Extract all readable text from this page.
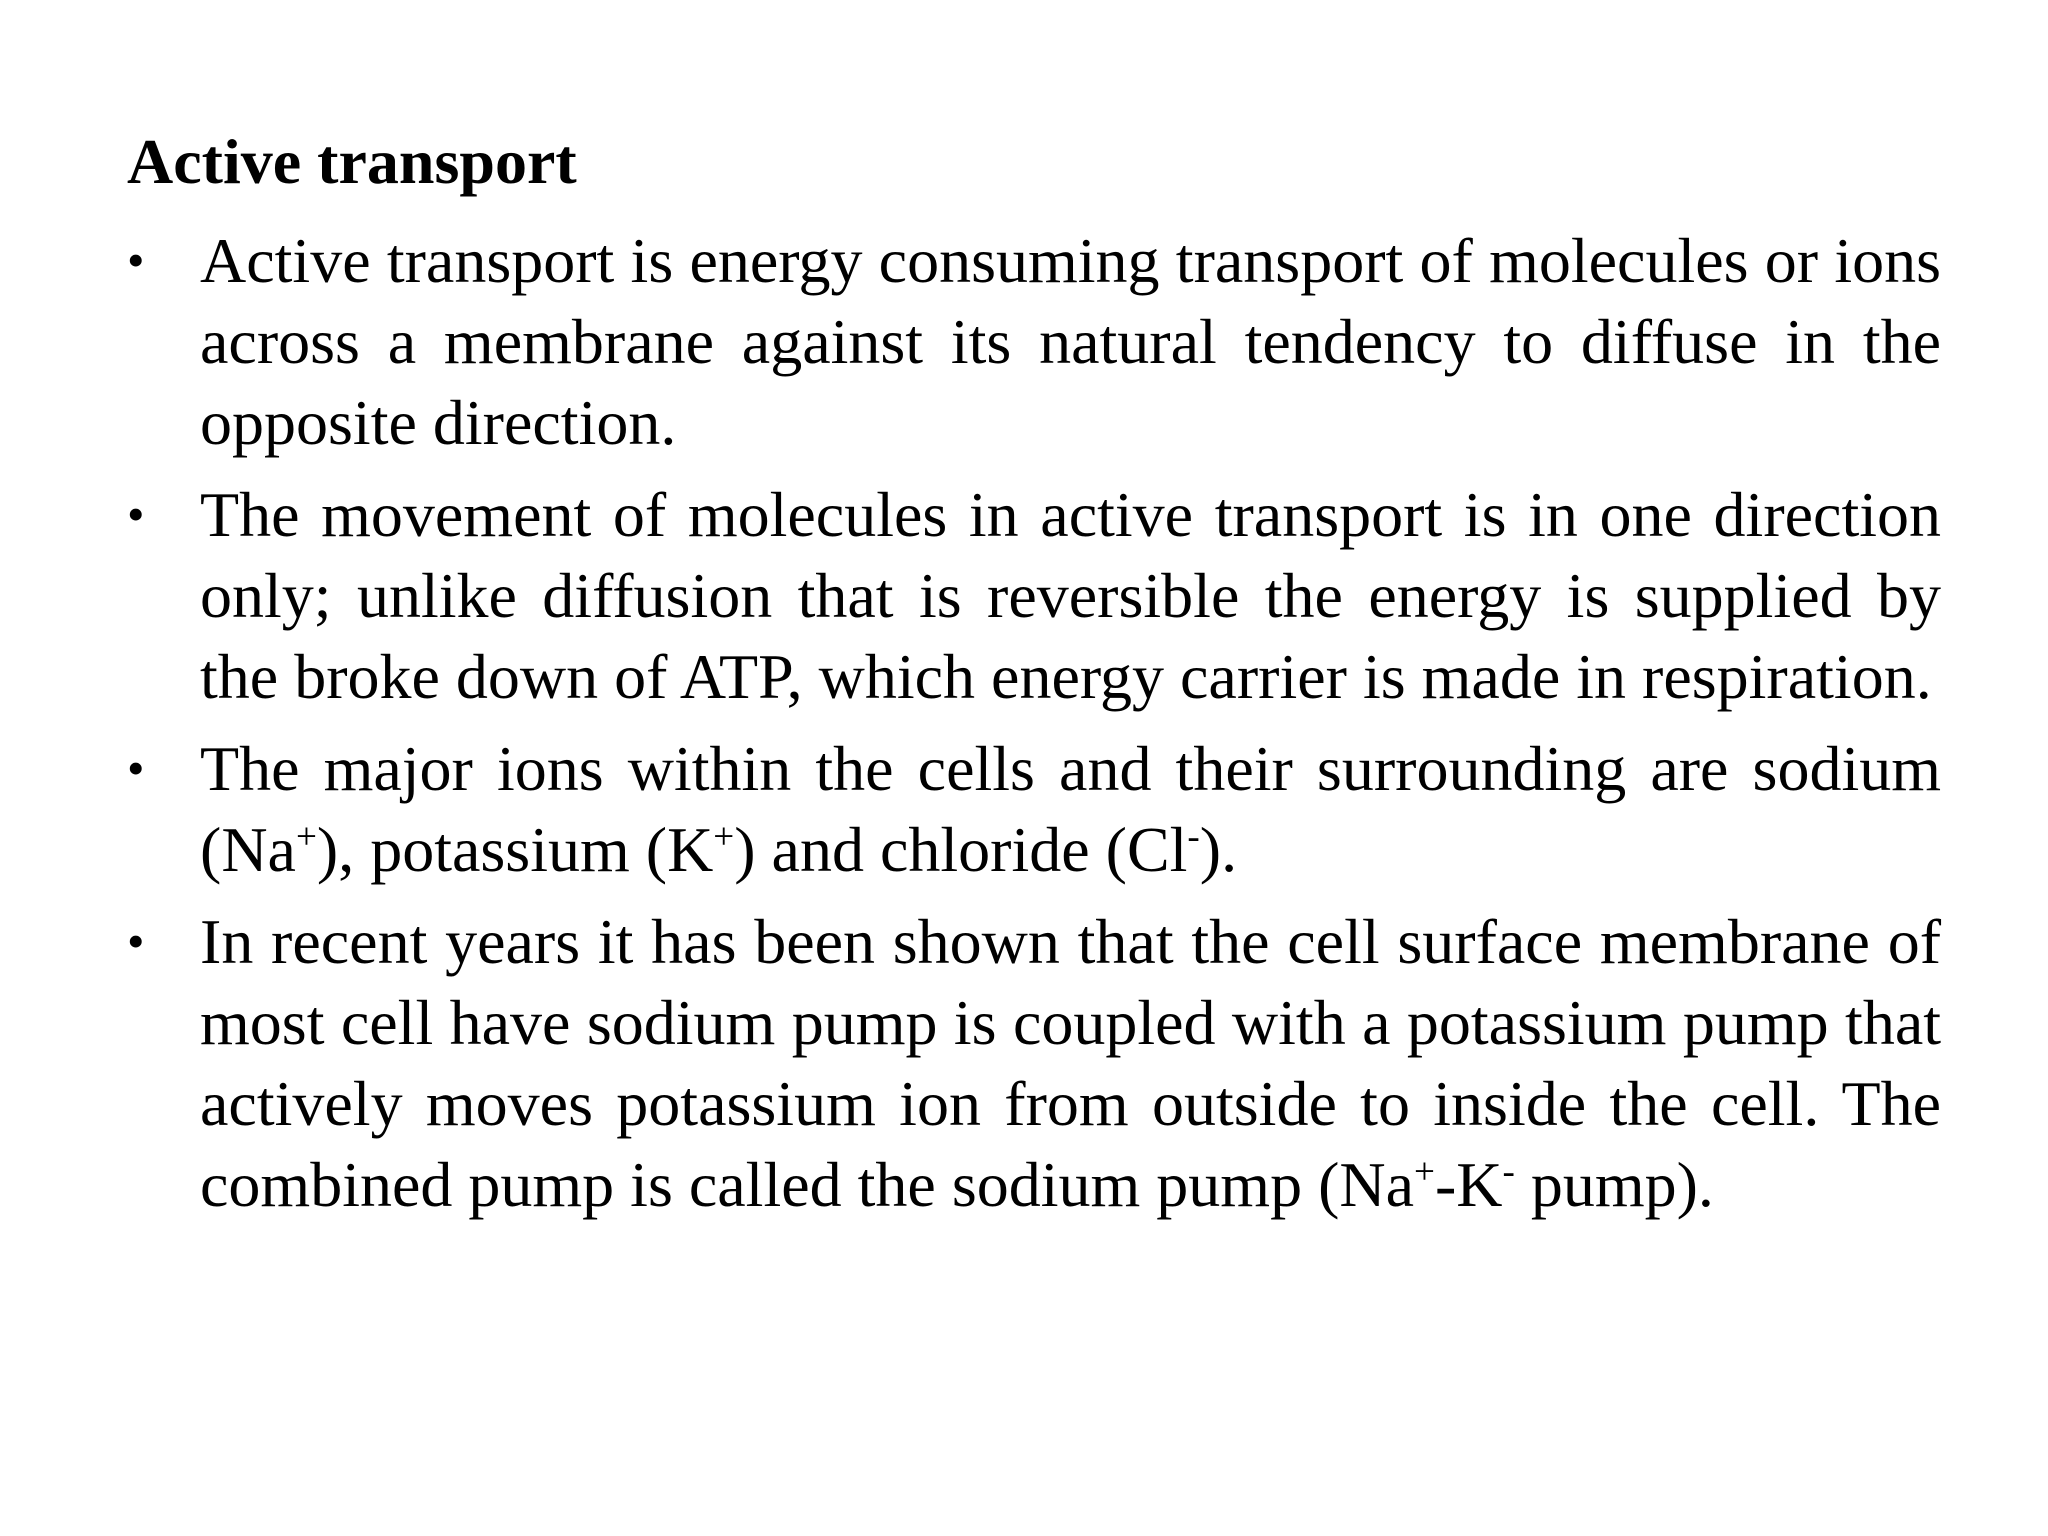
Active transport
• Active transport is energy consuming transport of molecules or ions across a membrane against its natural tendency to diffuse in the opposite direction.
• The movement of molecules in active transport is in one direction only; unlike diffusion that is reversible the energy is supplied by the broke down of ATP, which energy carrier is made in respiration.
• The major ions within the cells and their surrounding are sodium (Na+), potassium (K+) and chloride (Cl-).
• In recent years it has been shown that the cell surface membrane of most cell have sodium pump is coupled with a potassium pump that actively moves potassium ion from outside to inside the cell. The combined pump is called the sodium pump (Na+-K- pump).
